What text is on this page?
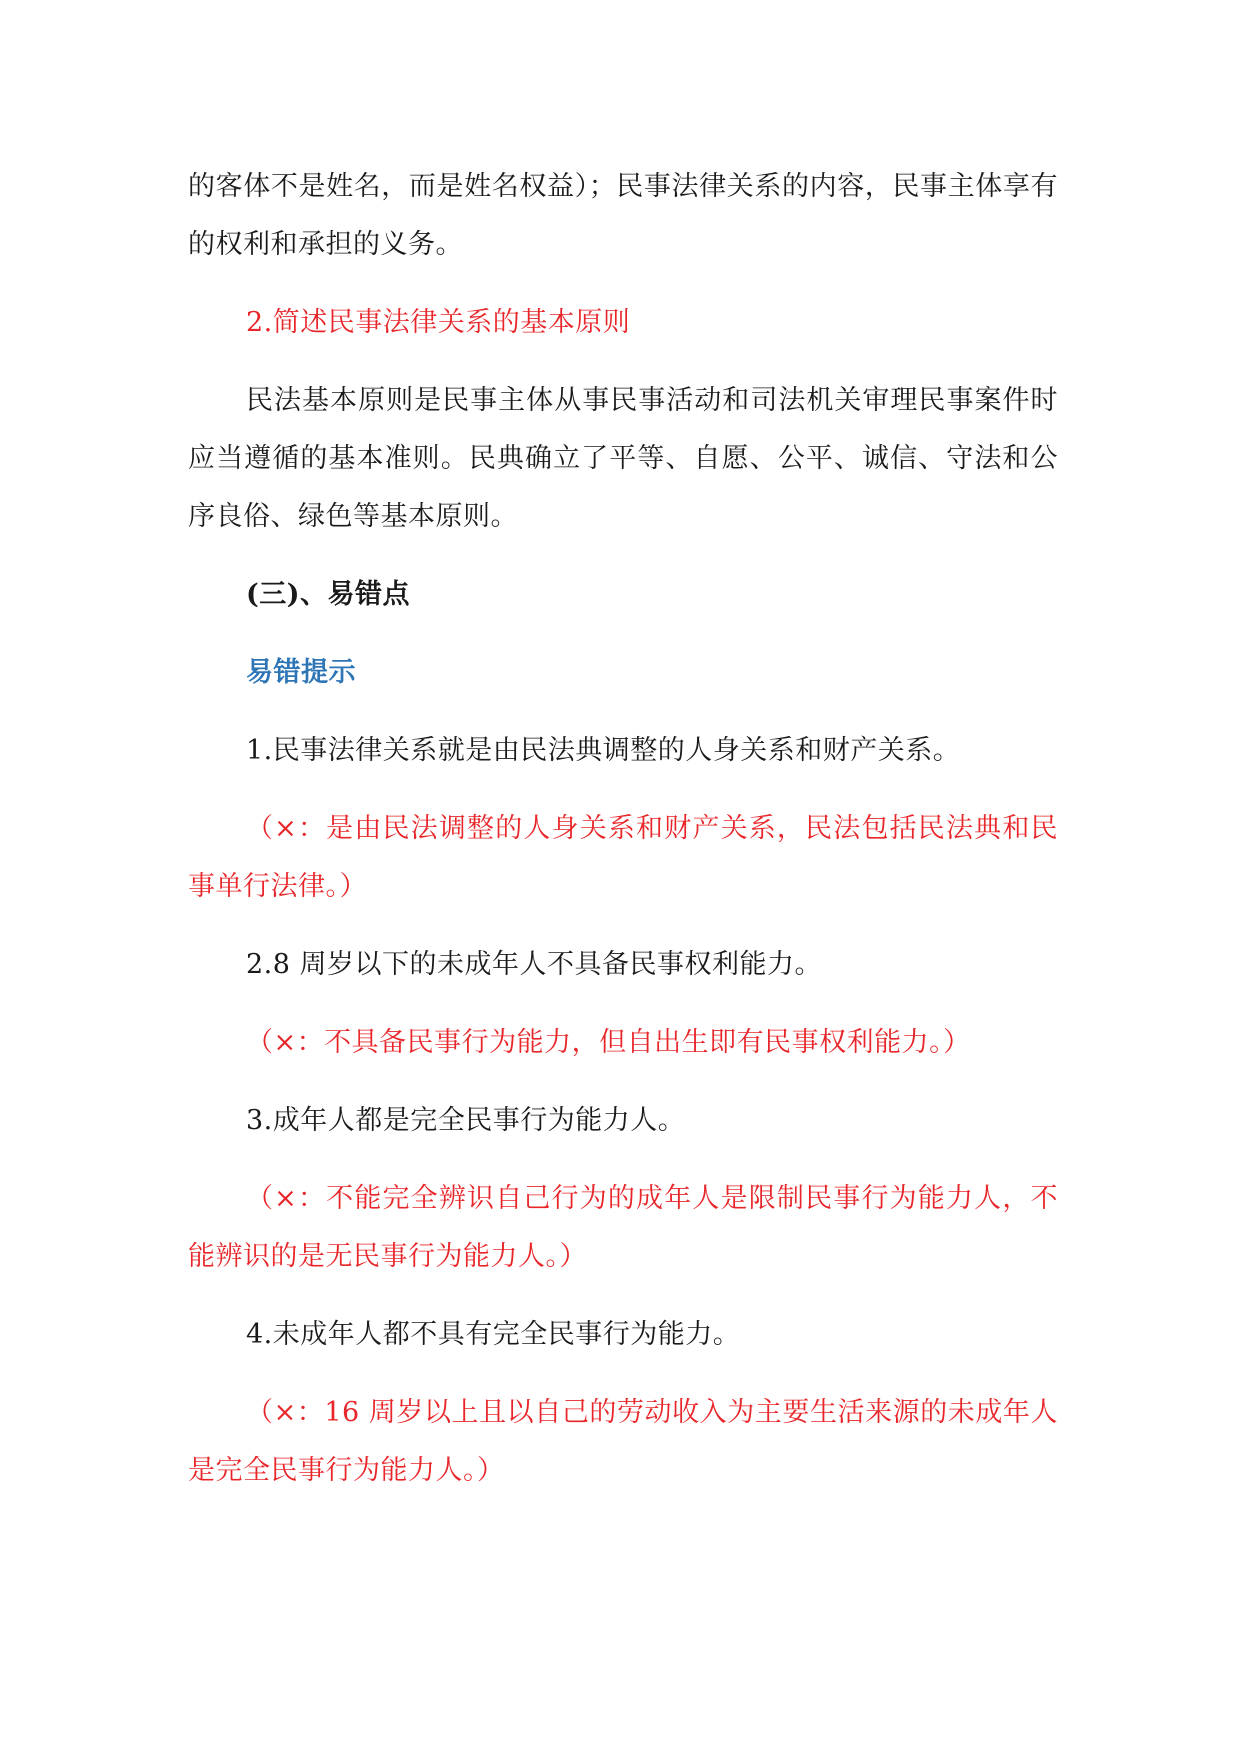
的客体不是姓名，而是姓名权益）；民事法律关系的内容，民事主体享有的权利和承担的义务。

2.简述民事法律关系的基本原则

民法基本原则是民事主体从事民事活动和司法机关审理民事案件时应当遵循的基本准则。民典确立了平等、自愿、公平、诚信、守法和公序良俗、绿色等基本原则。

(三)、易错点

易错提示

1.民事法律关系就是由民法典调整的人身关系和财产关系。

（×：是由民法调整的人身关系和财产关系，民法包括民法典和民事单行法律。）

2.8 周岁以下的未成年人不具备民事权利能力。

（×：不具备民事行为能力，但自出生即有民事权利能力。）

3.成年人都是完全民事行为能力人。

（×：不能完全辨识自己行为的成年人是限制民事行为能力人，不能辨识的是无民事行为能力人。）

4.未成年人都不具有完全民事行为能力。

（×：16 周岁以上且以自己的劳动收入为主要生活来源的未成年人是完全民事行为能力人。）
